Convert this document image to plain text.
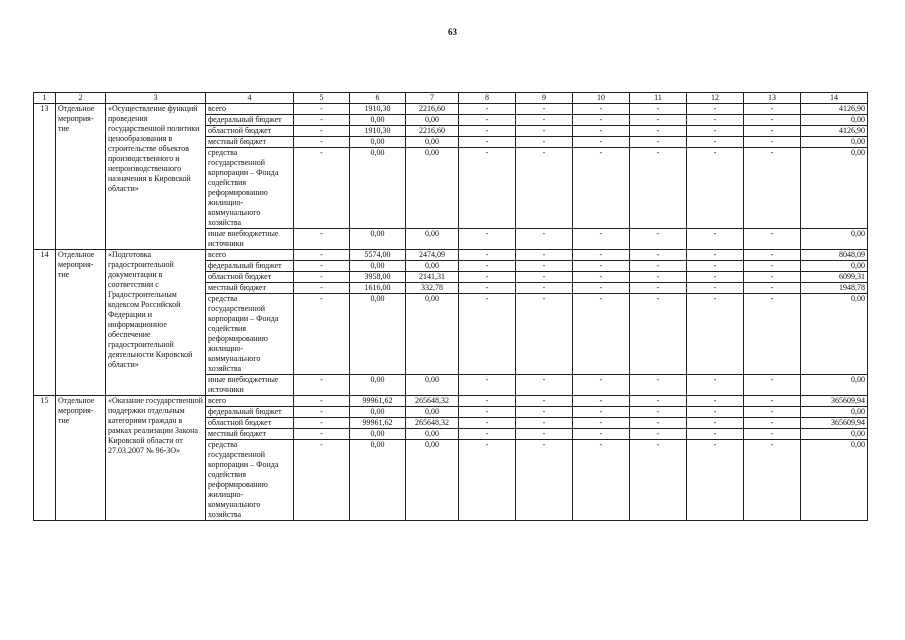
63
1	2	3	4	5	6	7	8	9	10	11	12	13	14
13	Отдельное мероприя-тие	«Осуществление функций проведения государственной политики ценообразования в строительстве объектов производственного и непроизводственного назначения в Кировской области»	всего	-	1910,30	2216,60	-	-	-	-	-	-	4126,90
			федеральный бюджет	-	0,00	0,00	-	-	-	-	-	-	0,00
			областной бюджет	-	1910,30	2216,60	-	-	-	-	-	-	4126,90
			местный бюджет	-	0,00	0,00	-	-	-	-	-	-	0,00
			средства государственной корпорации – Фонда содействия реформированию жилищно-коммунального хозяйства	-	0,00	0,00	-	-	-	-	-	-	0,00
			иные внебюджетные источники	-	0,00	0,00	-	-	-	-	-	-	0,00
14	Отдельное мероприя-тие	«Подготовка градостроительной документации в соответствии с Градостроительным кодексом Российской Федерации и информационное обеспечение градостроительной деятельности Кировской области»	всего	-	5574,00	2474,09	-	-	-	-	-	-	8048,09
			федеральный бюджет	-	0,00	0,00	-	-	-	-	-	-	0,00
			областной бюджет	-	3958,00	2141,31	-	-	-	-	-	-	6099,31
			местный бюджет	-	1616,00	332,78	-	-	-	-	-	-	1948,78
			средства государственной корпорации – Фонда содействия реформированию жилищно-коммунального хозяйства	-	0,00	0,00	-	-	-	-	-	-	0,00
			иные внебюджетные источники	-	0,00	0,00	-	-	-	-	-	-	0,00
15	Отдельное мероприя-тие	«Оказание государственной поддержки отдельным категориям граждан в рамках реализации Закона Кировской области от 27.03.2007 № 96-ЗО»	всего	-	99961,62	265648,32	-	-	-	-	-	-	365609,94
			федеральный бюджет	-	0,00	0,00	-	-	-	-	-	-	0,00
			областной бюджет	-	99961,62	265648,32	-	-	-	-	-	-	365609,94
			местный бюджет	-	0,00	0,00	-	-	-	-	-	-	0,00
			средства государственной корпорации – Фонда содействия реформированию жилищно-коммунального хозяйства	-	0,00	0,00	-	-	-	-	-	-	0,00
